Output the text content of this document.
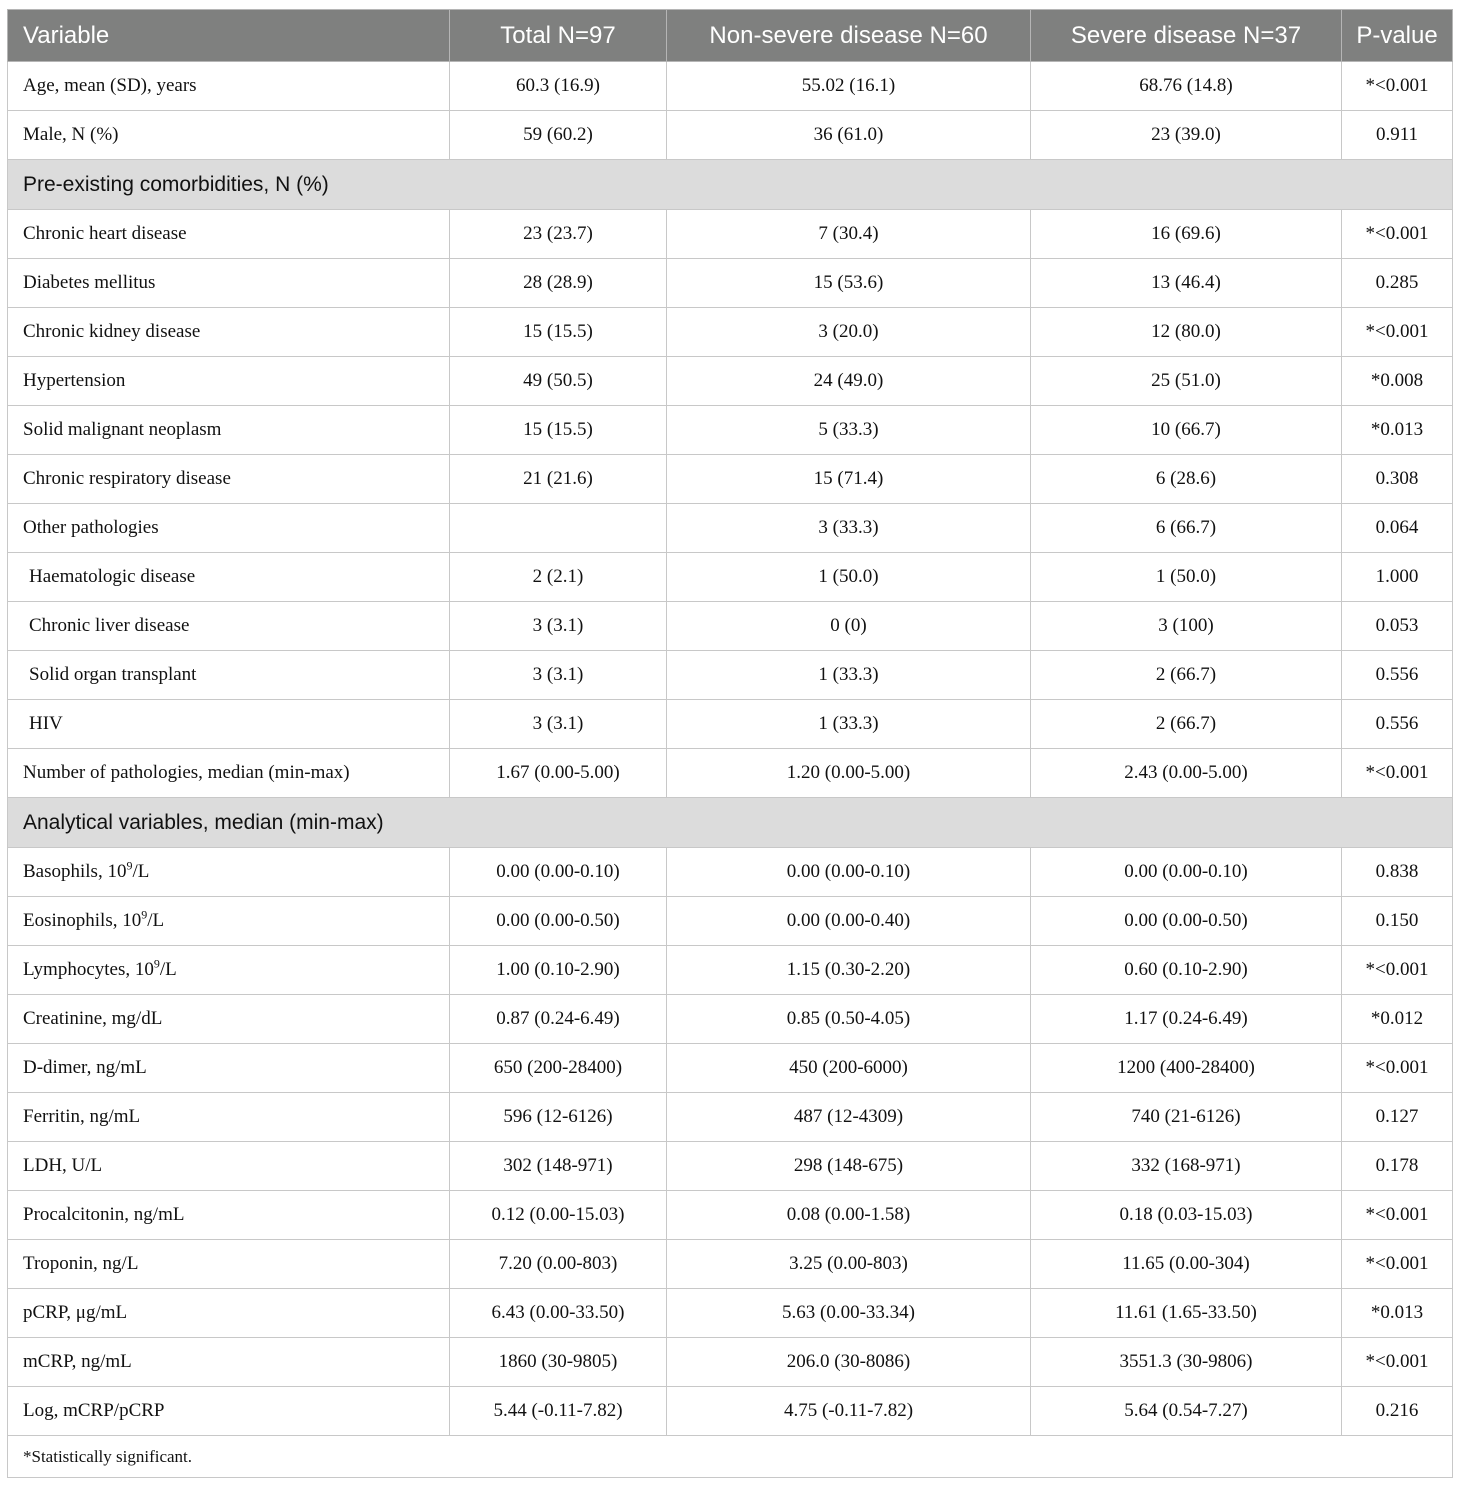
Variable	Total N=97	Non-severe disease N=60	Severe disease N=37	P-value
Age, mean (SD), years	60.3 (16.9)	55.02 (16.1)	68.76 (14.8)	*<0.001
Male, N (%)	59 (60.2)	36 (61.0)	23 (39.0)	0.911
Pre-existing comorbidities, N (%)				
Chronic heart disease	23 (23.7)	7 (30.4)	16 (69.6)	*<0.001
Diabetes mellitus	28 (28.9)	15 (53.6)	13 (46.4)	0.285
Chronic kidney disease	15 (15.5)	3 (20.0)	12 (80.0)	*<0.001
Hypertension	49 (50.5)	24 (49.0)	25 (51.0)	*0.008
Solid malignant neoplasm	15 (15.5)	5 (33.3)	10 (66.7)	*0.013
Chronic respiratory disease	21 (21.6)	15 (71.4)	6 (28.6)	0.308
Other pathologies		3 (33.3)	6 (66.7)	0.064
Haematologic disease	2 (2.1)	1 (50.0)	1 (50.0)	1.000
Chronic liver disease	3 (3.1)	0 (0)	3 (100)	0.053
Solid organ transplant	3 (3.1)	1 (33.3)	2 (66.7)	0.556
HIV	3 (3.1)	1 (33.3)	2 (66.7)	0.556
Number of pathologies, median (min-max)	1.67 (0.00-5.00)	1.20 (0.00-5.00)	2.43 (0.00-5.00)	*<0.001
Analytical variables, median (min-max)				
Basophils, $10^9/L$	0.00 (0.00-0.10)	0.00 (0.00-0.10)	0.00 (0.00-0.10)	0.838
Eosinophils, $10^9/L$	0.00 (0.00-0.50)	0.00 (0.00-0.40)	0.00 (0.00-0.50)	0.150
Lymphocytes, $10^9/L$	1.00 (0.10-2.90)	1.15 (0.30-2.20)	0.60 (0.10-2.90)	*<0.001
Creatinine, mg/dL	0.87 (0.24-6.49)	0.85 (0.50-4.05)	1.17 (0.24-6.49)	*0.012
D-dimer, ng/mL	650 (200-28400)	450 (200-6000)	1200 (400-28400)	*<0.001
Ferritin, ng/mL	596 (12-6126)	487 (12-4309)	740 (21-6126)	0.127
LDH, U/L	302 (148-971)	298 (148-675)	332 (168-971)	0.178
Procalcitonin, ng/mL	0.12 (0.00-15.03)	0.08 (0.00-1.58)	0.18 (0.03-15.03)	*<0.001
Troponin, ng/L	7.20 (0.00-803)	3.25 (0.00-803)	11.65 (0.00-304)	*<0.001
pCRP, μg/mL	6.43 (0.00-33.50)	5.63 (0.00-33.34)	11.61 (1.65-33.50)	*0.013
mCRP, ng/mL	1860 (30-9805)	206.0 (30-8086)	3551.3 (30-9806)	*<0.001
Log, mCRP/pCRP	5.44 (-0.11-7.82)	4.75 (-0.11-7.82)	5.64 (0.54-7.27)	0.216
*Statistically significant.				
